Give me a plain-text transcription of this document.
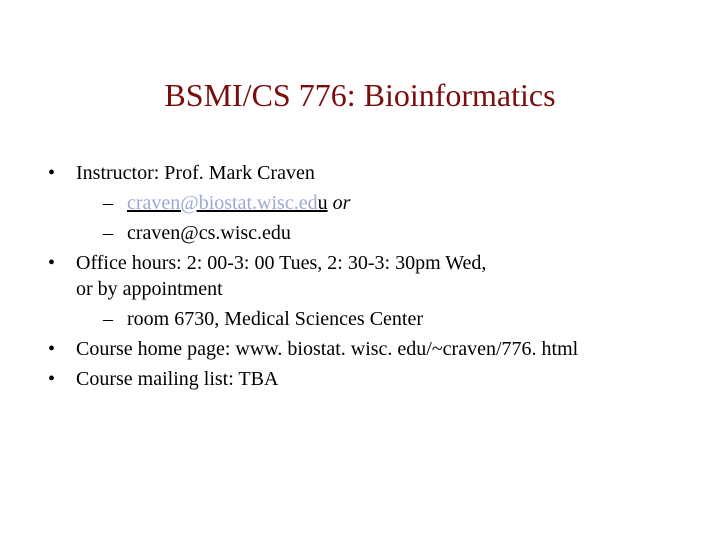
BSMI/CS 776: Bioinformatics
• Instructor: Prof. Mark Craven
– craven@biostat.wisc.edu or
– craven@cs.wisc.edu
• Office hours: 2: 00-3: 00 Tues, 2: 30-3: 30pm Wed,
or by appointment
– room 6730, Medical Sciences Center
• Course home page: www. biostat. wisc. edu/~craven/776. html
• Course mailing list: TBA
